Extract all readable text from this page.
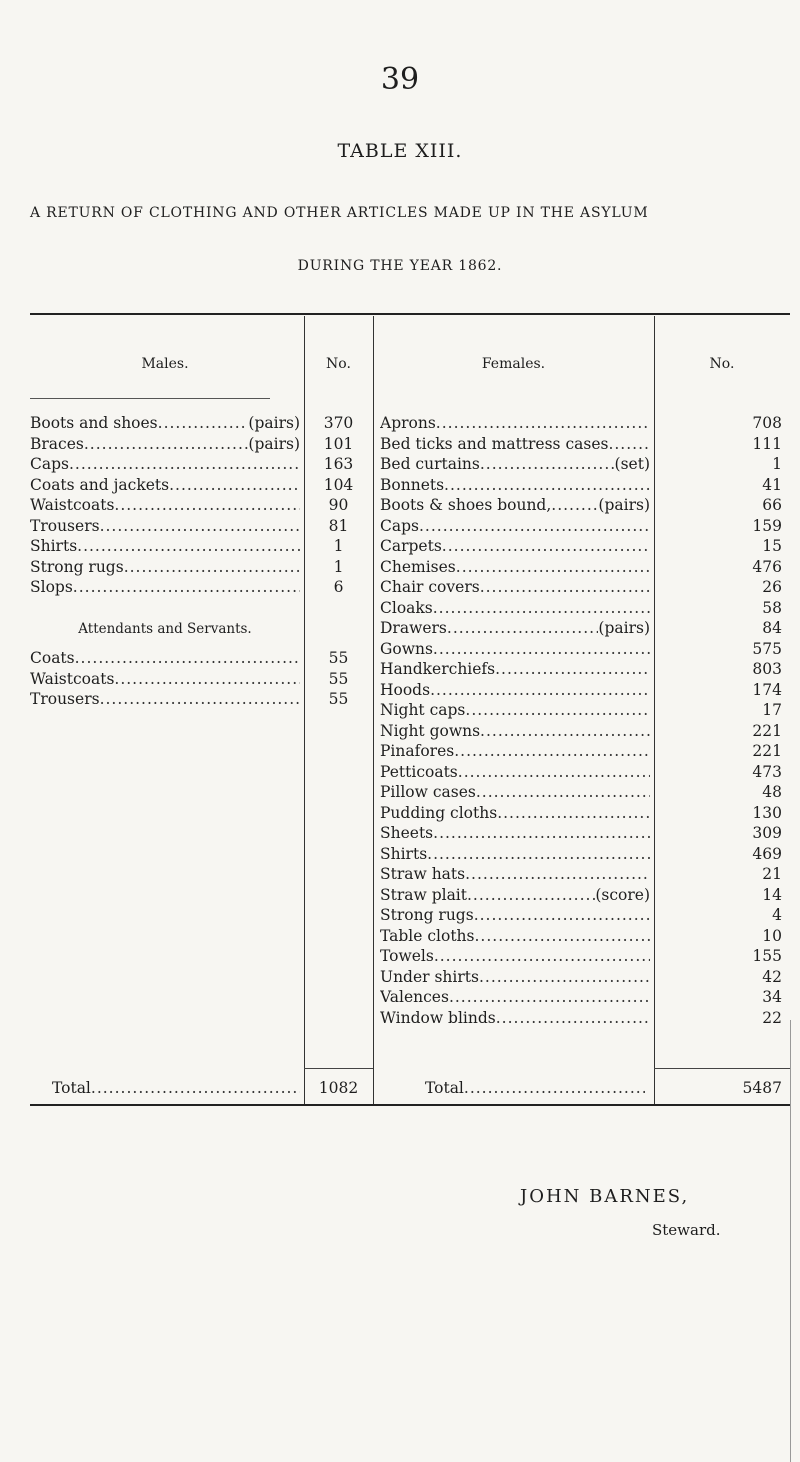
39
TABLE XIII.
A RETURN OF CLOTHING AND OTHER ARTICLES MADE UP IN THE ASYLUM
DURING THE YEAR 1862.
Males.	No.	Females.	No.
Boots and shoes .....	(pairs)	370
Braces .....	(pairs)	101
Caps .....	163
Coats and jackets .....	104
Waistcoats .....	90
Trousers .....	81
Shirts .....	1
Strong rugs .....	1
Slops .....	6
Attendants and Servants.
Coats .....	55
Waistcoats .....	55
Trousers .....	55
Aprons .....	708
Bed ticks and mattress cases .....	111
Bed curtains .....	(set)	1
Bonnets .....	41
Boots & shoes bound, .....	(pairs)	66
Caps .....	159
Carpets .....	15
Chemises .....	476
Chair covers .....	26
Cloaks .....	58
Drawers .....	(pairs)	84
Gowns .....	575
Handkerchiefs .....	803
Hoods .....	174
Night caps .....	17
Night gowns .....	221
Pinafores .....	221
Petticoats .....	473
Pillow cases .....	48
Pudding cloths .....	130
Sheets .....	309
Shirts .....	469
Straw hats .....	21
Straw plait .....	(score)	14
Strong rugs .....	4
Table cloths .....	10
Towels .....	155
Under shirts .....	42
Valences .....	34
Window blinds .....	22
Total .....	1082	Total .....	5487
JOHN BARNES,
Steward.
